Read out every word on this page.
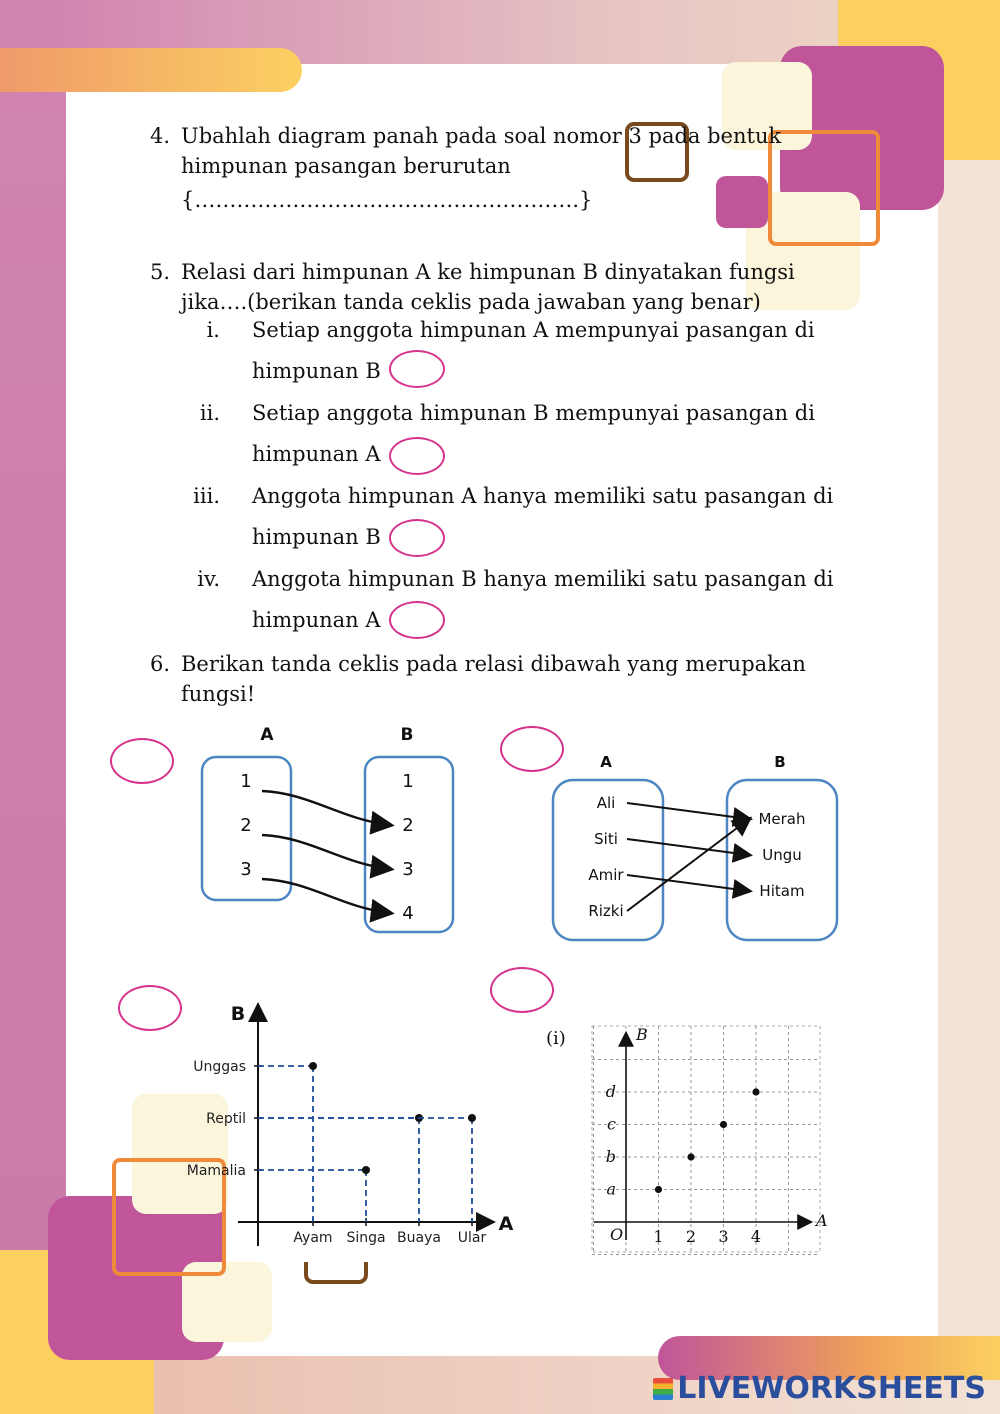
4. Ubahlah diagram panah pada soal nomor 3 pada bentuk
himpunan pasangan berurutan
{……………………………………………….}
5. Relasi dari himpunan A ke himpunan B dinyatakan fungsi
jika….(berikan tanda ceklis pada jawaban yang benar)
i. Setiap anggota himpunan A mempunyai pasangan di
himpunan B
ii. Setiap anggota himpunan B mempunyai pasangan di
himpunan A
iii. Anggota himpunan A hanya memiliki satu pasangan di
himpunan B
iv. Anggota himpunan B hanya memiliki satu pasangan di
himpunan A
6. Berikan tanda ceklis pada relasi dibawah yang merupakan
fungsi!
A	B
1
2
3
1
2
3
4
A	B
Ali
Siti
Amir
Rizki
Merah
Ungu
Hitam
B
A
Ayam Singa Buaya Ular
Mamalia
Reptil
Unggas
(i)	B
A
O 1 2 3 4
a
b
c
d
LIVEWORKSHEETS
